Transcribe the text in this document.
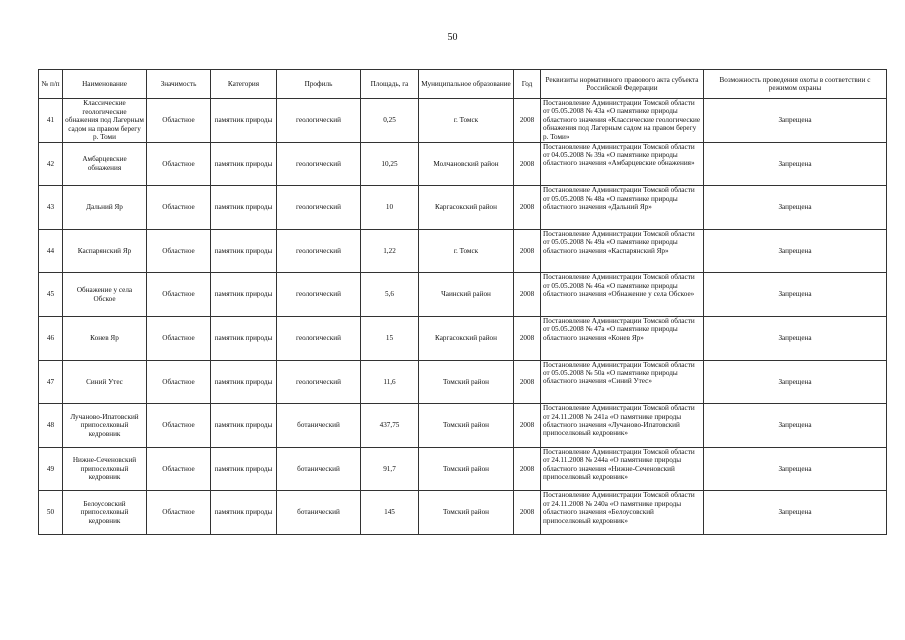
50
№ п/п	Наименование	Значимость	Категория	Профиль	Площадь, га	Муниципальное образование	Год	Реквизиты нормативного правового акта субъекта Российской Федерации	Возможность проведения охоты в соответствии с режимом охраны
41	Классические геологические обнажения под Лагерным садом на правом берегу р. Томи	Областное	памятник природы	геологический	0,25	г. Томск	2008	Постановление Администрации Томской области от 05.05.2008 № 43а «О памятнике природы областного значения «Классические геологические обнажения под Лагерным садом на правом берегу р. Томи»	Запрещена
42	Амбарцевские обнажения	Областное	памятник природы	геологический	10,25	Молчановский район	2008	Постановление Администрации Томской области от 04.05.2008 № 39а «О памятнике природы областного значения «Амбарцевские обнажения»	Запрещена
43	Дальний Яр	Областное	памятник природы	геологический	10	Каргасокский район	2008	Постановление Администрации Томской области от 05.05.2008 № 48а «О памятнике природы областного значения «Дальний Яр»	Запрещена
44	Каспарянский Яр	Областное	памятник природы	геологический	1,22	г. Томск	2008	Постановление Администрации Томской области от 05.05.2008 № 49а «О памятнике природы областного значения «Каспарянский Яр»	Запрещена
45	Обнажение у села Обское	Областное	памятник природы	геологический	5,6	Чаинский район	2008	Постановление Администрации Томской области от 05.05.2008 № 46а «О памятнике природы областного значения «Обнажение у села Обское»	Запрещена
46	Конев Яр	Областное	памятник природы	геологический	15	Каргасокский район	2008	Постановление Администрации Томской области от 05.05.2008 № 47а «О памятнике природы областного значения «Конев Яр»	Запрещена
47	Синий Утес	Областное	памятник природы	геологический	11,6	Томский район	2008	Постановление Администрации Томской области от 05.05.2008 № 50а «О памятнике природы областного значения «Синий Утес»	Запрещена
48	Лучаново-Ипатовский припоселковый кедровник	Областное	памятник природы	ботанический	437,75	Томский район	2008	Постановление Администрации Томской области от 24.11.2008 № 241а «О памятнике природы областного значения «Лучаново-Ипатовский припоселковый кедровник»	Запрещена
49	Нижне-Сеченовский припоселковый кедровник	Областное	памятник природы	ботанический	91,7	Томский район	2008	Постановление Администрации Томской области от 24.11.2008 № 244а «О памятнике природы областного значения «Нижне-Сеченовский припоселковый кедровник»	Запрещена
50	Белоусовский припоселковый кедровник	Областное	памятник природы	ботанический	145	Томский район	2008	Постановление Администрации Томской области от 24.11.2008 № 240а «О памятнике природы областного значения «Белоусовский припоселковый кедровник»	Запрещена
